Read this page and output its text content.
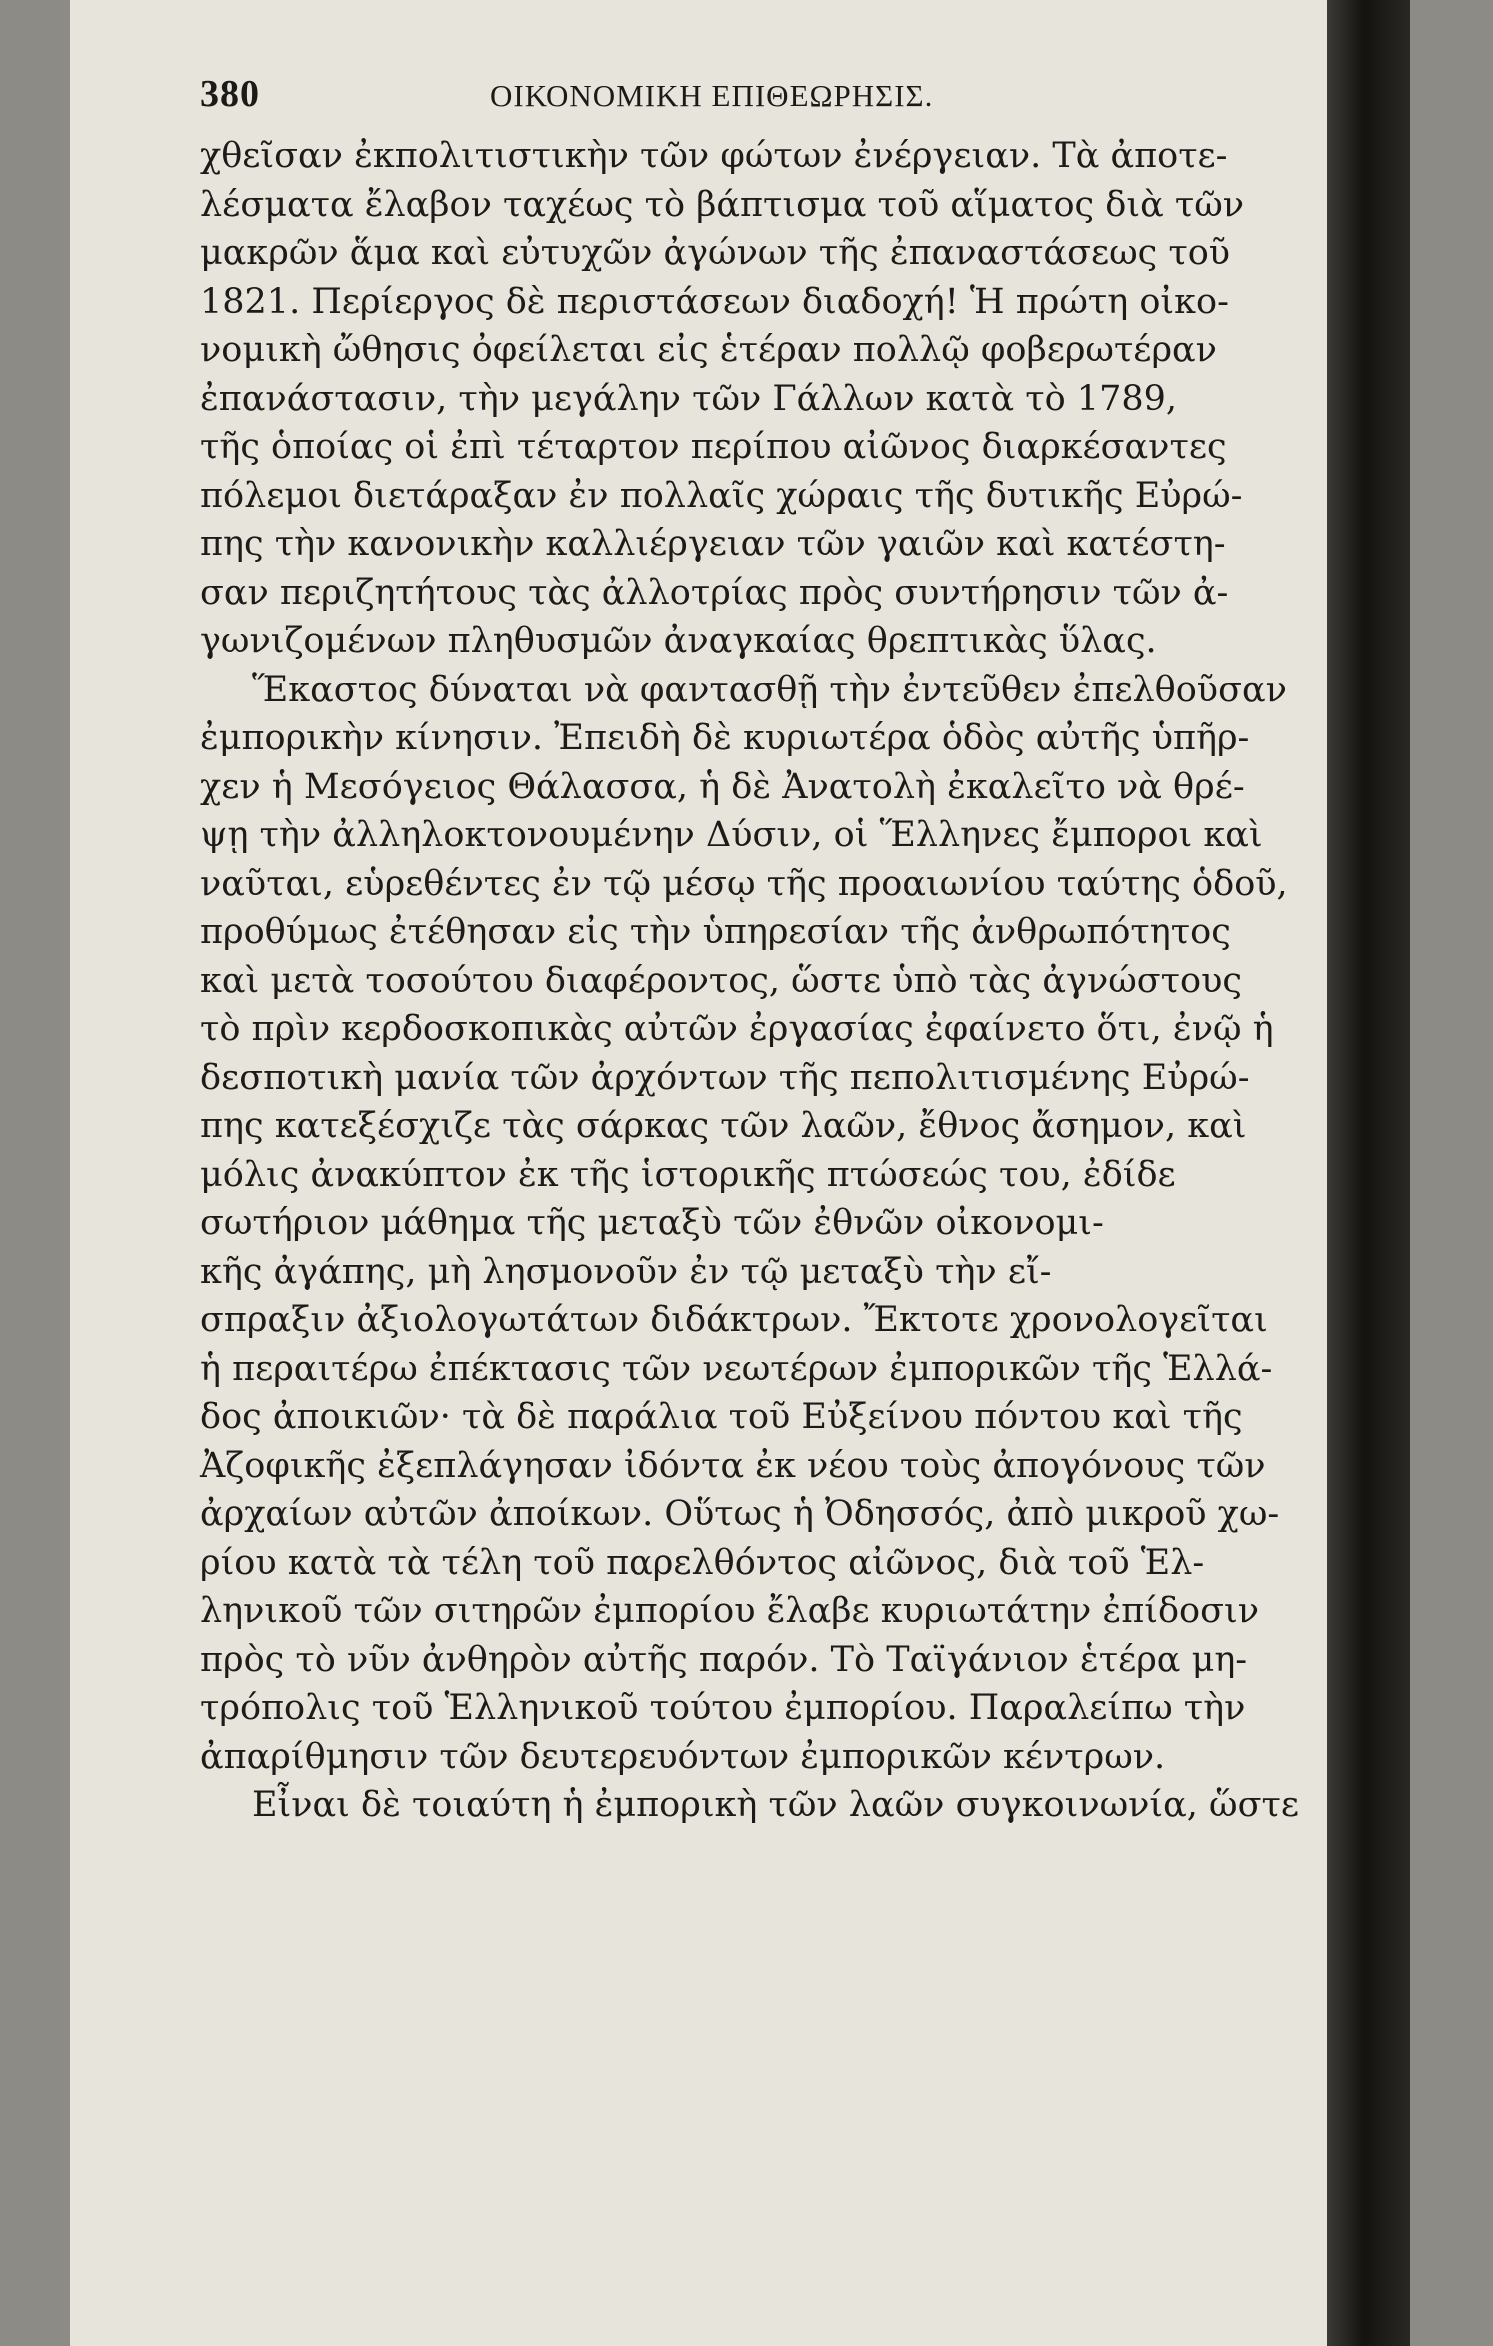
380	ΟΙΚΟΝΟΜΙΚΗ ΕΠΙΘΕΩΡΗΣΙΣ.
χθεῖσαν ἐκπολιτιστικὴν τῶν φώτων ἐνέργειαν. Τὰ ἀποτε-
λέσματα ἔλαβον ταχέως τὸ βάπτισμα τοῦ αἵματος διὰ τῶν
μακρῶν ἅμα καὶ εὐτυχῶν ἀγώνων τῆς ἐπαναστάσεως τοῦ
1821. Περίεργος δὲ περιστάσεων διαδοχή! Ἡ πρώτη οἰκο-
νομικὴ ὤθησις ὀφείλεται εἰς ἑτέραν πολλῷ φοβερωτέραν
ἐπανάστασιν, τὴν μεγάλην τῶν Γάλλων κατὰ τὸ 1789,
τῆς ὁποίας οἱ ἐπὶ τέταρτον περίπου αἰῶνος διαρκέσαντες
πόλεμοι διετάραξαν ἐν πολλαῖς χώραις τῆς δυτικῆς Εὐρώ-
πης τὴν κανονικὴν καλλιέργειαν τῶν γαιῶν καὶ κατέστη-
σαν περιζητήτους τὰς ἀλλοτρίας πρὸς συντήρησιν τῶν ἀ-
γωνιζομένων πληθυσμῶν ἀναγκαίας θρεπτικὰς ὕλας.
Ἕκαστος δύναται νὰ φαντασθῇ τὴν ἐντεῦθεν ἐπελθοῦσαν
ἐμπορικὴν κίνησιν. Ἐπειδὴ δὲ κυριωτέρα ὁδὸς αὐτῆς ὑπῆρ-
χεν ἡ Μεσόγειος Θάλασσα, ἡ δὲ Ἀνατολὴ ἐκαλεῖτο νὰ θρέ-
ψῃ τὴν ἀλληλοκτονουμένην Δύσιν, οἱ Ἕλληνες ἔμποροι καὶ
ναῦται, εὑρεθέντες ἐν τῷ μέσῳ τῆς προαιωνίου ταύτης ὁδοῦ,
προθύμως ἐτέθησαν εἰς τὴν ὑπηρεσίαν τῆς ἀνθρωπότητος
καὶ μετὰ τοσούτου διαφέροντος, ὥστε ὑπὸ τὰς ἀγνώστους
τὸ πρὶν κερδοσκοπικὰς αὐτῶν ἐργασίας ἐφαίνετο ὅτι, ἐνῷ ἡ
δεσποτικὴ μανία τῶν ἀρχόντων τῆς πεπολιτισμένης Εὐρώ-
πης κατεξέσχιζε τὰς σάρκας τῶν λαῶν, ἔθνος ἄσημον, καὶ
μόλις ἀνακύπτον ἐκ τῆς ἱστορικῆς πτώσεώς του, ἐδίδε
σωτήριον μάθημα τῆς μεταξὺ τῶν ἐθνῶν οἰκονομι-
κῆς ἀγάπης, μὴ λησμονοῦν ἐν τῷ μεταξὺ τὴν εἴ-
σπραξιν ἀξιολογωτάτων διδάκτρων. Ἔκτοτε χρονολογεῖται
ἡ περαιτέρω ἐπέκτασις τῶν νεωτέρων ἐμπορικῶν τῆς Ἑλλά-
δος ἀποικιῶν· τὰ δὲ παράλια τοῦ Εὐξείνου πόντου καὶ τῆς
Ἀζοφικῆς ἐξεπλάγησαν ἰδόντα ἐκ νέου τοὺς ἀπογόνους τῶν
ἀρχαίων αὐτῶν ἀποίκων. Οὕτως ἡ Ὀδησσός, ἀπὸ μικροῦ χω-
ρίου κατὰ τὰ τέλη τοῦ παρελθόντος αἰῶνος, διὰ τοῦ Ἑλ-
ληνικοῦ τῶν σιτηρῶν ἐμπορίου ἔλαβε κυριωτάτην ἐπίδοσιν
πρὸς τὸ νῦν ἀνθηρὸν αὐτῆς παρόν. Τὸ Ταϊγάνιον ἑτέρα μη-
τρόπολις τοῦ Ἑλληνικοῦ τούτου ἐμπορίου. Παραλείπω τὴν
ἀπαρίθμησιν τῶν δευτερευόντων ἐμπορικῶν κέντρων.
Εἶναι δὲ τοιαύτη ἡ ἐμπορικὴ τῶν λαῶν συγκοινωνία, ὥστε
